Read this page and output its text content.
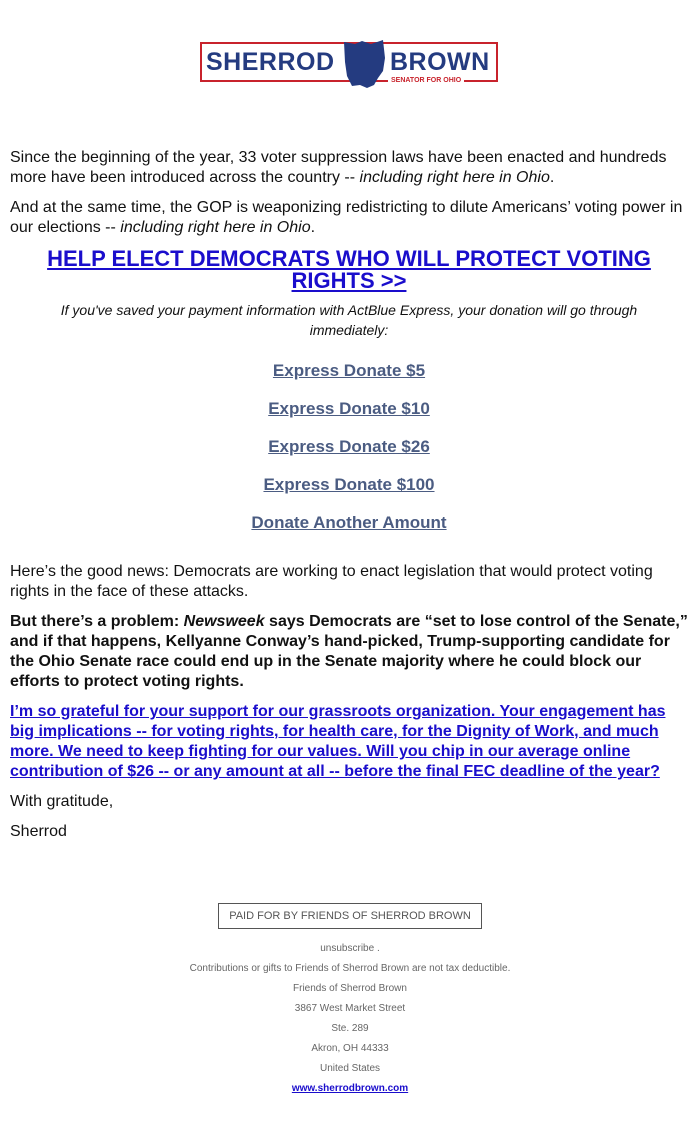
SHERROD BROWN
SENATOR FOR OHIO

Since the beginning of the year, 33 voter suppression laws have been enacted and hundreds more have been introduced across the country -- including right here in Ohio.

And at the same time, the GOP is weaponizing redistricting to dilute Americans’ voting power in our elections -- including right here in Ohio.

HELP ELECT DEMOCRATS WHO WILL PROTECT VOTING RIGHTS >>
If you've saved your payment information with ActBlue Express, your donation will go through immediately:
Express Donate $5
Express Donate $10
Express Donate $26
Express Donate $100
Donate Another Amount

Here’s the good news: Democrats are working to enact legislation that would protect voting rights in the face of these attacks.

But there’s a problem: Newsweek says Democrats are “set to lose control of the Senate,” and if that happens, Kellyanne Conway’s hand-picked, Trump-supporting candidate for the Ohio Senate race could end up in the Senate majority where he could block our efforts to protect voting rights.

I’m so grateful for your support for our grassroots organization. Your engagement has big implications -- for voting rights, for health care, for the Dignity of Work, and much more. We need to keep fighting for our values. Will you chip in our average online contribution of $26 -- or any amount at all -- before the final FEC deadline of the year?

With gratitude,

Sherrod

PAID FOR BY FRIENDS OF SHERROD BROWN
unsubscribe .
Contributions or gifts to Friends of Sherrod Brown are not tax deductible.
Friends of Sherrod Brown
3867 West Market Street
Ste. 289
Akron, OH 44333
United States
www.sherrodbrown.com
